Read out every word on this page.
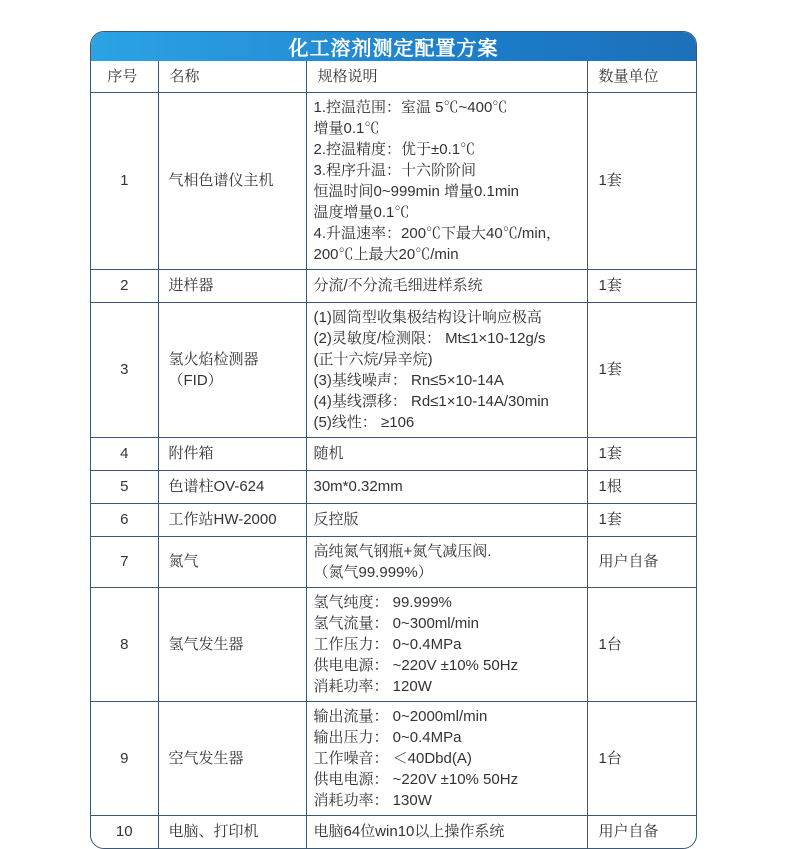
化工溶剂测定配置方案
序号	名称	规格说明	数量单位
1	气相色谱仪主机	
1.控温范围：室温 5℃~400℃
增量0.1℃
2.控温精度：优于±0.1℃
3.程序升温：十六阶阶间
恒温时间0~999min 增量0.1min
温度增量0.1℃
4.升温速率：200℃下最大40℃/min，
200℃上最大20℃/min
	1套
2	进样器	分流/不分流毛细进样系统	1套
3	氢火焰检测器（FID）	
(1)圆筒型收集极结构设计响应极高
(2)灵敏度/检测限： Mt≤1×10-12g/s
(正十六烷/异辛烷)
(3)基线噪声： Rn≤5×10-14A
(4)基线漂移： Rd≤1×10-14A/30min
(5)线性： ≥106
	1套
4	附件箱	随机	1套
5	色谱柱OV-624	30m*0.32mm	1根
6	工作站HW-2000	反控版	1套
7	氮气	高纯氮气钢瓶+氮气减压阀.
（氮气99.999%）	用户自备
8	氢气发生器	氢气纯度： 99.999%
氢气流量： 0~300ml/min
工作压力： 0~0.4MPa
供电电源： ~220V ±10% 50Hz
消耗功率： 120W	1台
9	空气发生器	输出流量： 0~2000ml/min
输出压力： 0~0.4MPa
工作噪音： ＜40Dbd(A)
供电电源： ~220V ±10% 50Hz
消耗功率： 130W	1台
10	电脑、打印机	电脑64位win10以上操作系统	用户自备
